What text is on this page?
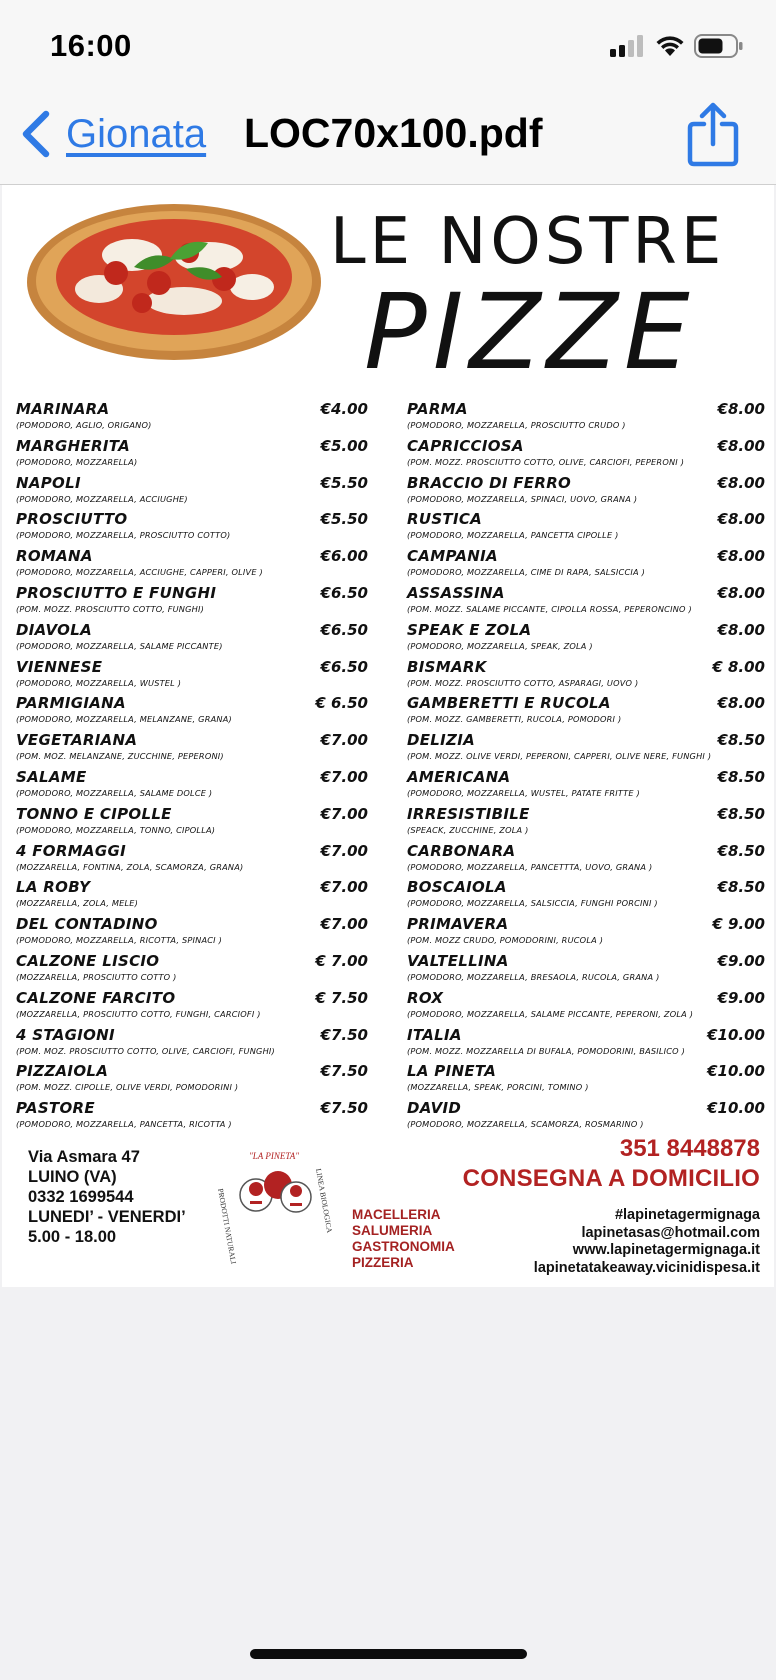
16:00
Gionata LOC70x100.pdf
LE NOSTRE
PIZZE
MARINARA	€4.00
(POMODORO, AGLIO, ORIGANO)
MARGHERITA	€5.00
(POMODORO, MOZZARELLA)
NAPOLI	€5.50
(POMODORO, MOZZARELLA, ACCIUGHE)
PROSCIUTTO	€5.50
(POMODORO, MOZZARELLA, PROSCIUTTO COTTO)
ROMANA	€6.00
(POMODORO, MOZZARELLA, ACCIUGHE, CAPPERI, OLIVE )
PROSCIUTTO E FUNGHI	€6.50
(POM. MOZZ. PROSCIUTTO COTTO, FUNGHI)
DIAVOLA	€6.50
(POMODORO, MOZZARELLA, SALAME PICCANTE)
VIENNESE	€6.50
(POMODORO, MOZZARELLA, WUSTEL )
PARMIGIANA	€ 6.50
(POMODORO, MOZZARELLA, MELANZANE, GRANA)
VEGETARIANA	€7.00
(POM. MOZ. MELANZANE, ZUCCHINE, PEPERONI)
SALAME	€7.00
(POMODORO, MOZZARELLA, SALAME DOLCE )
TONNO E CIPOLLE	€7.00
(POMODORO, MOZZARELLA, TONNO, CIPOLLA)
4 FORMAGGI	€7.00
(MOZZARELLA, FONTINA, ZOLA, SCAMORZA, GRANA)
LA ROBY	€7.00
(MOZZARELLA, ZOLA, MELE)
DEL CONTADINO	€7.00
(POMODORO, MOZZARELLA, RICOTTA, SPINACI )
CALZONE LISCIO	€ 7.00
(MOZZARELLA, PROSCIUTTO COTTO )
CALZONE FARCITO	€ 7.50
(MOZZARELLA, PROSCIUTTO COTTO, FUNGHI, CARCIOFI )
4 STAGIONI	€7.50
(POM. MOZ. PROSCIUTTO COTTO, OLIVE, CARCIOFI, FUNGHI)
PIZZAIOLA	€7.50
(POM. MOZZ. CIPOLLE, OLIVE VERDI, POMODORINI )
PASTORE	€7.50
(POMODORO, MOZZARELLA, PANCETTA, RICOTTA )
PARMA	€8.00
(POMODORO, MOZZARELLA, PROSCIUTTO CRUDO )
CAPRICCIOSA	€8.00
(POM. MOZZ. PROSCIUTTO COTTO, OLIVE, CARCIOFI, PEPERONI )
BRACCIO DI FERRO	€8.00
(POMODORO, MOZZARELLA, SPINACI, UOVO, GRANA )
RUSTICA	€8.00
(POMODORO, MOZZARELLA, PANCETTA CIPOLLE )
CAMPANIA	€8.00
(POMODORO, MOZZARELLA, CIME DI RAPA, SALSICCIA )
ASSASSINA	€8.00
(POM. MOZZ. SALAME PICCANTE, CIPOLLA ROSSA, PEPERONCINO )
SPEAK E ZOLA	€8.00
(POMODORO, MOZZARELLA, SPEAK, ZOLA )
BISMARK	€ 8.00
(POM. MOZZ. PROSCIUTTO COTTO, ASPARAGI, UOVO )
GAMBERETTI E RUCOLA	€8.00
(POM. MOZZ. GAMBERETTI, RUCOLA, POMODORI )
DELIZIA	€8.50
(POM. MOZZ. OLIVE VERDI, PEPERONI, CAPPERI, OLIVE NERE, FUNGHI )
AMERICANA	€8.50
(POMODORO, MOZZARELLA, WUSTEL, PATATE FRITTE )
IRRESISTIBILE	€8.50
(SPEACK, ZUCCHINE, ZOLA )
CARBONARA	€8.50
(POMODORO, MOZZARELLA, PANCETTTA, UOVO, GRANA )
BOSCAIOLA	€8.50
(POMODORO, MOZZARELLA, SALSICCIA, FUNGHI PORCINI )
PRIMAVERA	€ 9.00
(POM. MOZZ CRUDO, POMODORINI, RUCOLA )
VALTELLINA	€9.00
(POMODORO, MOZZARELLA, BRESAOLA, RUCOLA, GRANA )
ROX	€9.00
(POMODORO, MOZZARELLA, SALAME PICCANTE, PEPERONI, ZOLA )
ITALIA	€10.00
(POM. MOZZ. MOZZARELLA DI BUFALA, POMODORINI, BASILICO )
LA PINETA	€10.00
(MOZZARELLA, SPEAK, PORCINI, TOMINO )
DAVID	€10.00
(POMODORO, MOZZARELLA, SCAMORZA, ROSMARINO )
Via Asmara 47
LUINO (VA)
0332 1699544
LUNEDI’ - VENERDI’
5.00 - 18.00
"LA PINETA"
PRODOTTI NATURALI	LINEA BIOLOGICA MACELLERIA
SALUMERIA
GASTRONOMIA
PIZZERIA
351 8448878
CONSEGNA A DOMICILIO
#lapinetagermignaga
lapinetasas@hotmail.com
www.lapinetagermignaga.it
lapinetatakeaway.vicinidispesa.it
